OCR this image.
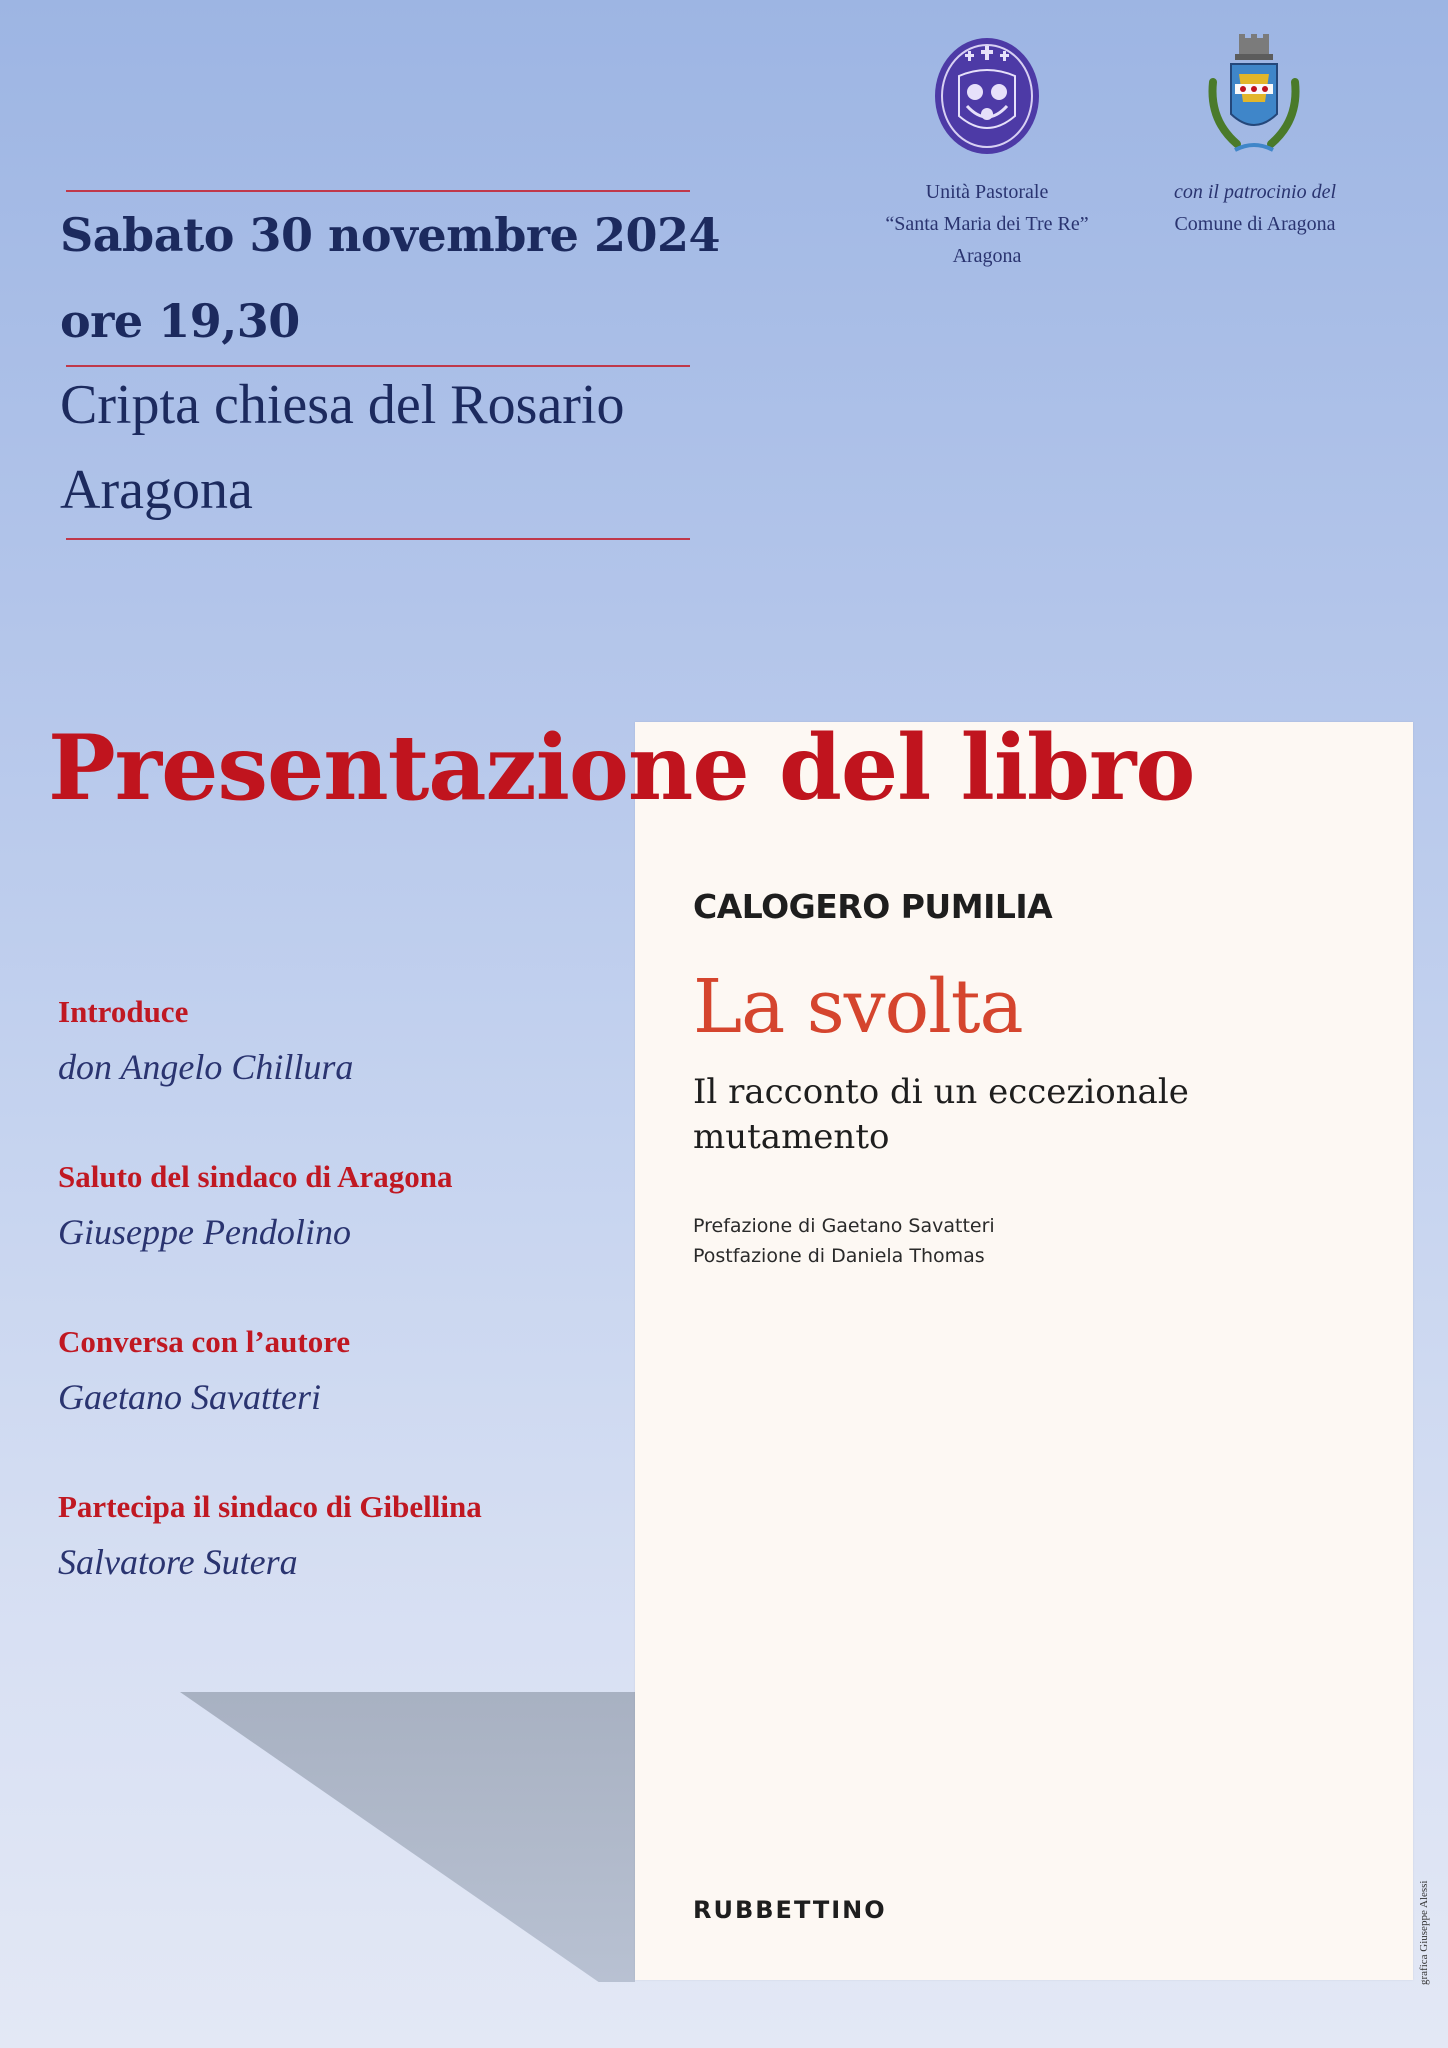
Sabato 30 novembre 2024
ore 19,30
Cripta chiesa del Rosario
Aragona
Unità Pastorale
“Santa Maria dei Tre Re”
Aragona
con il patrocinio del
Comune di Aragona
CALOGERO PUMILIA
La svolta
Il racconto di un eccezionale
mutamento
Prefazione di Gaetano Savatteri
Postfazione di Daniela Thomas
RUBBETTINO
Presentazione del libro
Introduce
don Angelo Chillura
Saluto del sindaco di Aragona
Giuseppe Pendolino
Conversa con l’autore
Gaetano Savatteri
Partecipa il sindaco di Gibellina
Salvatore Sutera
grafica Giuseppe Alessi
